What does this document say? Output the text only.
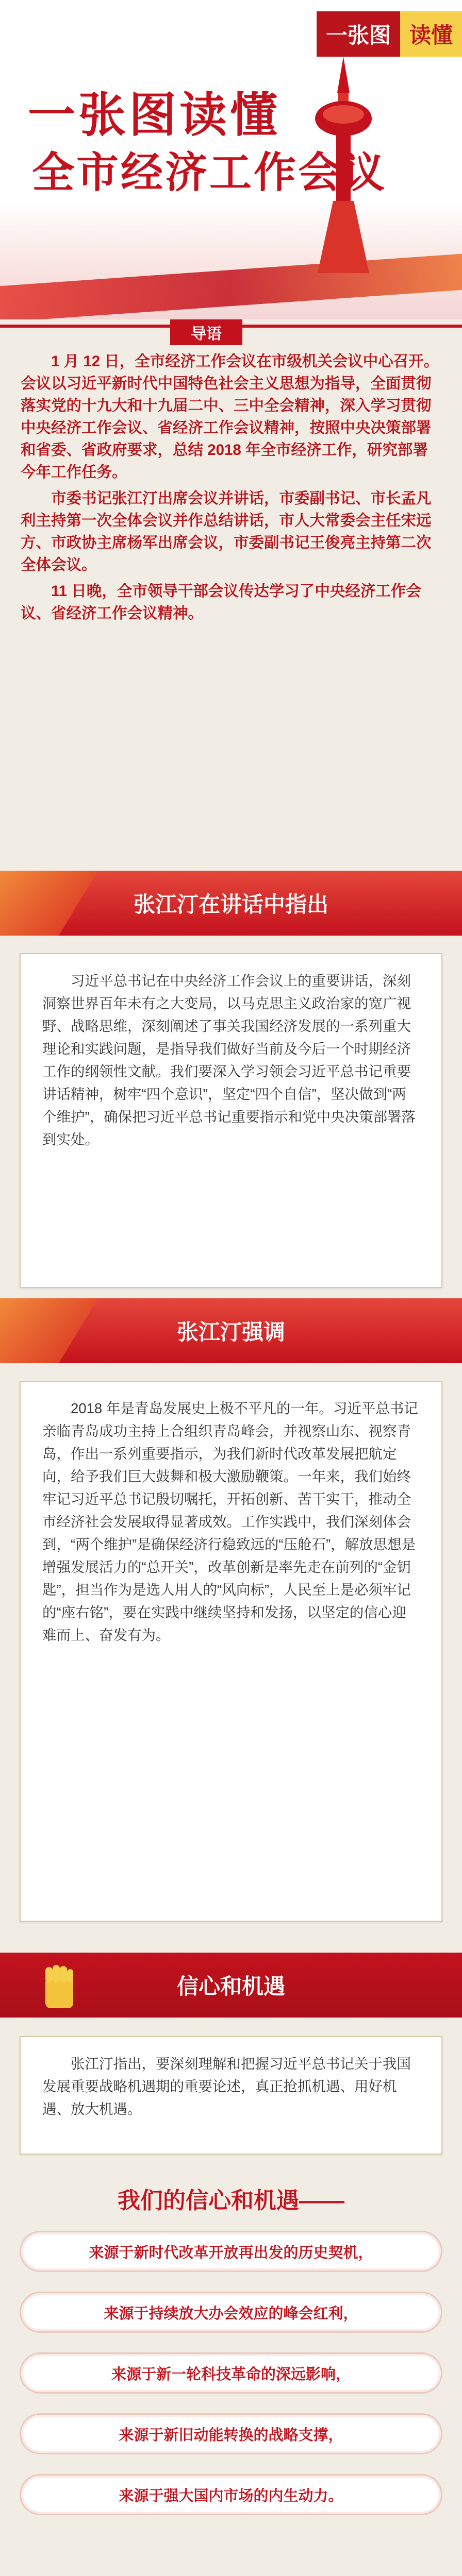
一张图 读懂
一张图读懂
全市经济工作会议
导语

1 月 12 日，全市经济工作会议在市级机关会议中心召开。会议以习近平新时代中国特色社会主义思想为指导，全面贯彻落实党的十九大和十九届二中、三中全会精神，深入学习贯彻中央经济工作会议、省经济工作会议精神，按照中央决策部署和省委、省政府要求，总结 2018 年全市经济工作，研究部署今年工作任务。

市委书记张江汀出席会议并讲话，市委副书记、市长孟凡利主持第一次全体会议并作总结讲话，市人大常委会主任宋远方、市政协主席杨军出席会议，市委副书记王俊亮主持第二次全体会议。

11 日晚，全市领导干部会议传达学习了中央经济工作会议、省经济工作会议精神。

张江汀在讲话中指出

习近平总书记在中央经济工作会议上的重要讲话，深刻洞察世界百年未有之大变局，以马克思主义政治家的宽广视野、战略思维，深刻阐述了事关我国经济发展的一系列重大理论和实践问题，是指导我们做好当前及今后一个时期经济工作的纲领性文献。我们要深入学习领会习近平总书记重要讲话精神，树牢“四个意识”，坚定“四个自信”，坚决做到“两个维护”，确保把习近平总书记重要指示和党中央决策部署落到实处。

张江汀强调

2018 年是青岛发展史上极不平凡的一年。习近平总书记亲临青岛成功主持上合组织青岛峰会，并视察山东、视察青岛，作出一系列重要指示，为我们新时代改革发展把航定向，给予我们巨大鼓舞和极大激励鞭策。一年来，我们始终牢记习近平总书记殷切嘱托，开拓创新、苦干实干，推动全市经济社会发展取得显著成效。工作实践中，我们深刻体会到，“两个维护”是确保经济行稳致远的“压舱石”，解放思想是增强发展活力的“总开关”，改革创新是率先走在前列的“金钥匙”，担当作为是选人用人的“风向标”，人民至上是必须牢记的“座右铭”，要在实践中继续坚持和发扬，以坚定的信心迎难而上、奋发有为。

信心和机遇

张江汀指出，要深刻理解和把握习近平总书记关于我国发展重要战略机遇期的重要论述，真正抢抓机遇、用好机遇、放大机遇。

我们的信心和机遇——
来源于新时代改革开放再出发的历史契机，
来源于持续放大办会效应的峰会红利，
来源于新一轮科技革命的深远影响，
来源于新旧动能转换的战略支撑，
来源于强大国内市场的内生动力。
